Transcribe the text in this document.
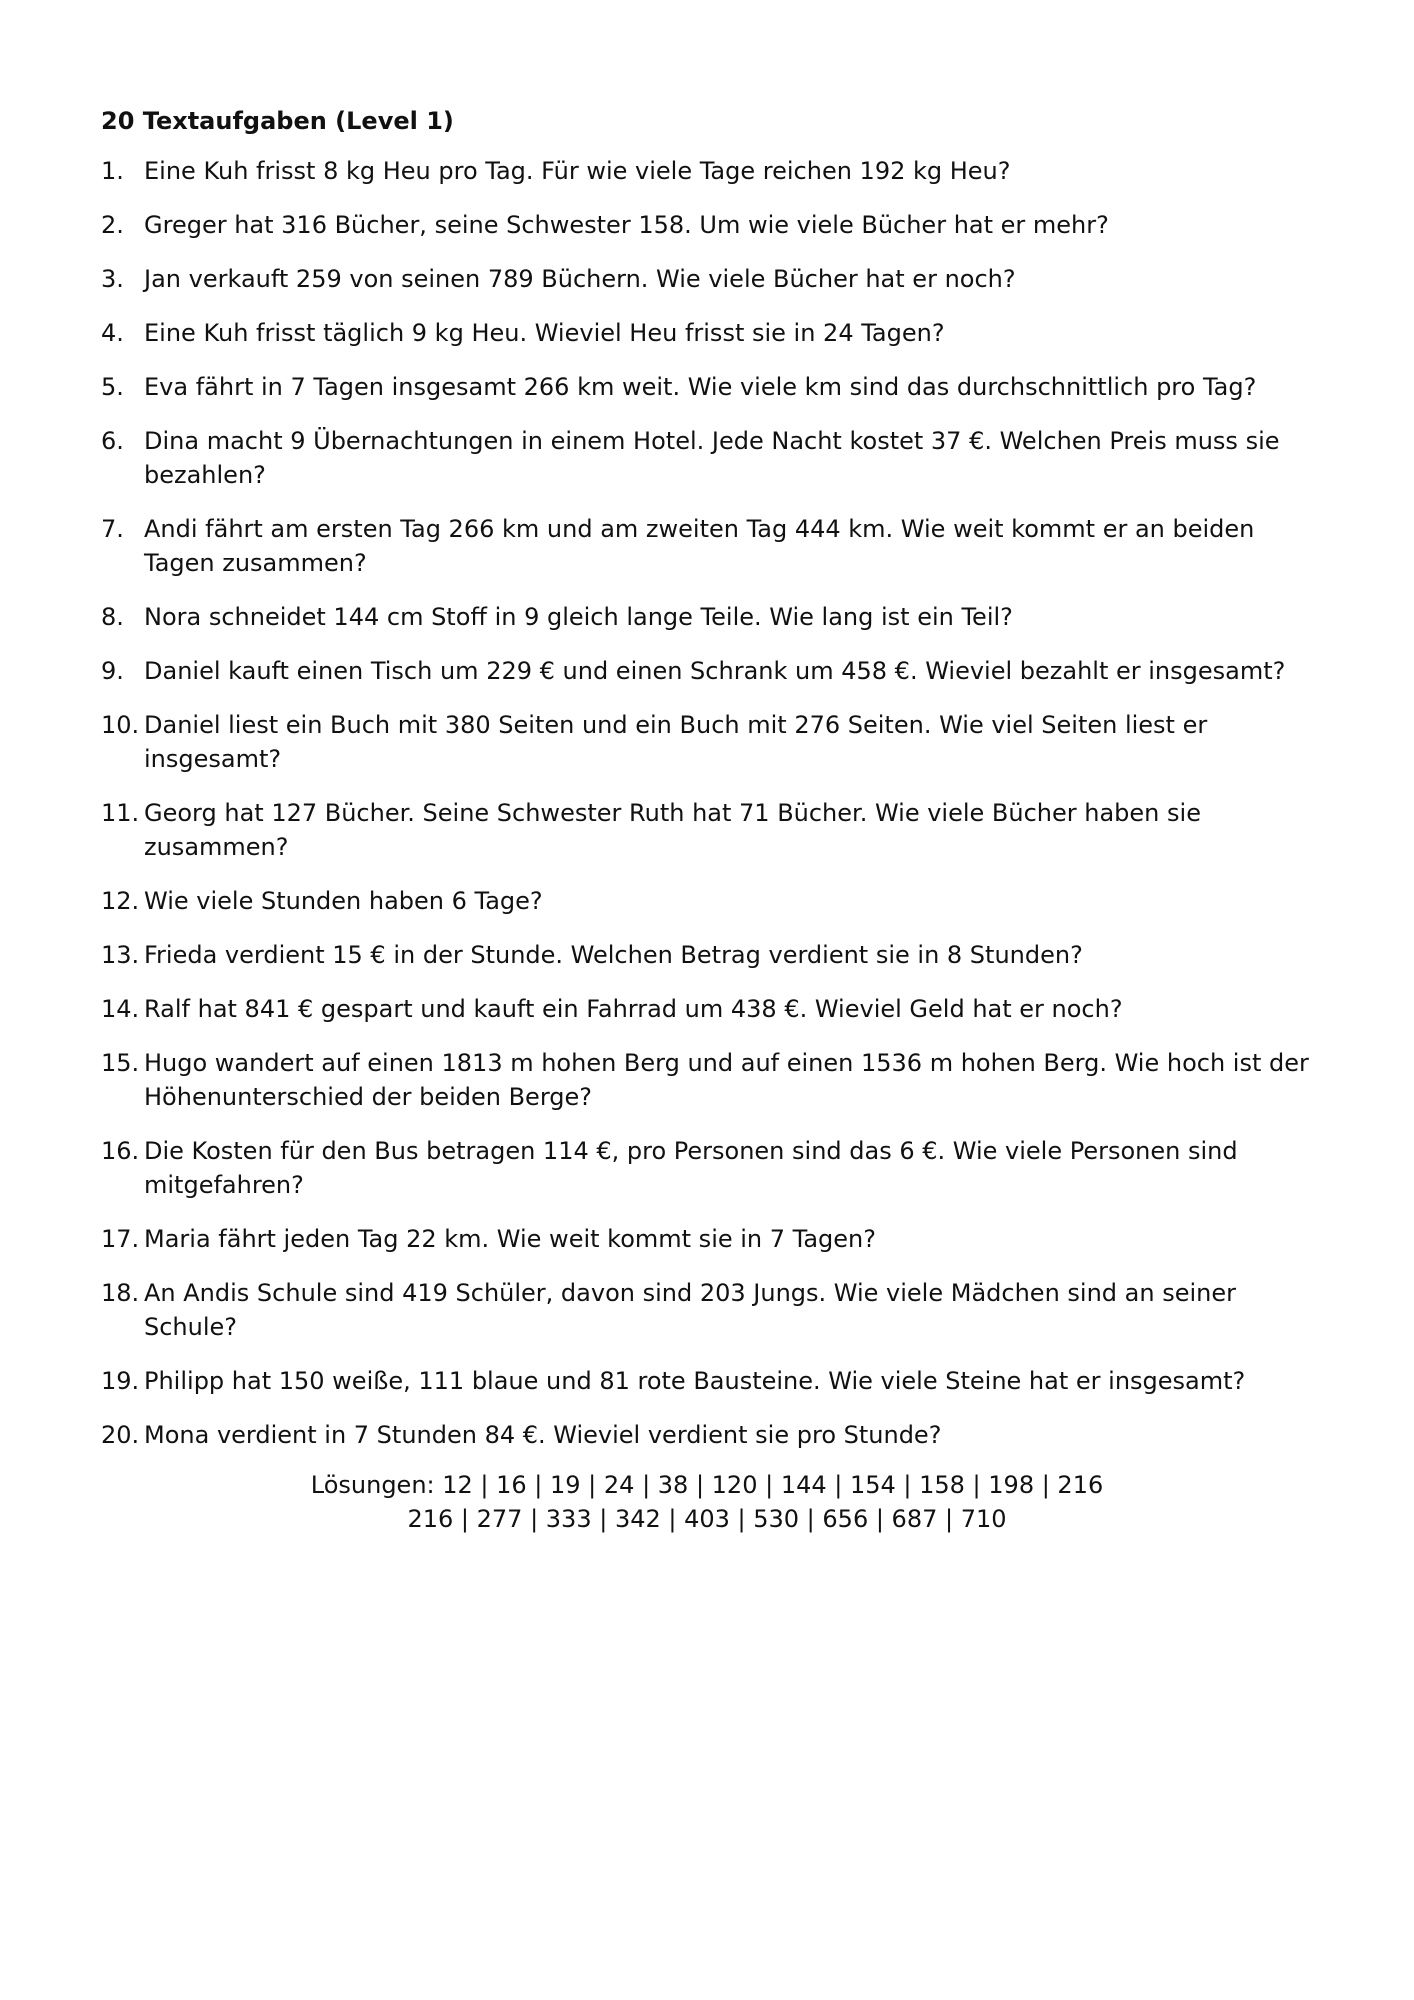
20 Textaufgaben (Level 1)
1. Eine Kuh frisst 8 kg Heu pro Tag. Für wie viele Tage reichen 192 kg Heu?
2. Greger hat 316 Bücher, seine Schwester 158. Um wie viele Bücher hat er mehr?
3. Jan verkauft 259 von seinen 789 Büchern. Wie viele Bücher hat er noch?
4. Eine Kuh frisst täglich 9 kg Heu. Wieviel Heu frisst sie in 24 Tagen?
5. Eva fährt in 7 Tagen insgesamt 266 km weit. Wie viele km sind das durchschnittlich pro Tag?
6. Dina macht 9 Übernachtungen in einem Hotel. Jede Nacht kostet 37 €. Welchen Preis muss sie bezahlen?
7. Andi fährt am ersten Tag 266 km und am zweiten Tag 444 km. Wie weit kommt er an beiden Tagen zusammen?
8. Nora schneidet 144 cm Stoff in 9 gleich lange Teile. Wie lang ist ein Teil?
9. Daniel kauft einen Tisch um 229 € und einen Schrank um 458 €. Wieviel bezahlt er insgesamt?
10. Daniel liest ein Buch mit 380 Seiten und ein Buch mit 276 Seiten. Wie viel Seiten liest er insgesamt?
11. Georg hat 127 Bücher. Seine Schwester Ruth hat 71 Bücher. Wie viele Bücher haben sie zusammen?
12. Wie viele Stunden haben 6 Tage?
13. Frieda verdient 15 € in der Stunde. Welchen Betrag verdient sie in 8 Stunden?
14. Ralf hat 841 € gespart und kauft ein Fahrrad um 438 €. Wieviel Geld hat er noch?
15. Hugo wandert auf einen 1813 m hohen Berg und auf einen 1536 m hohen Berg. Wie hoch ist der Höhenunterschied der beiden Berge?
16. Die Kosten für den Bus betragen 114 €, pro Personen sind das 6 €. Wie viele Personen sind mitgefahren?
17. Maria fährt jeden Tag 22 km. Wie weit kommt sie in 7 Tagen?
18. An Andis Schule sind 419 Schüler, davon sind 203 Jungs. Wie viele Mädchen sind an seiner Schule?
19. Philipp hat 150 weiße, 111 blaue und 81 rote Bausteine. Wie viele Steine hat er insgesamt?
20. Mona verdient in 7 Stunden 84 €. Wieviel verdient sie pro Stunde?
Lösungen: 12 | 16 | 19 | 24 | 38 | 120 | 144 | 154 | 158 | 198 | 216
216 | 277 | 333 | 342 | 403 | 530 | 656 | 687 | 710
